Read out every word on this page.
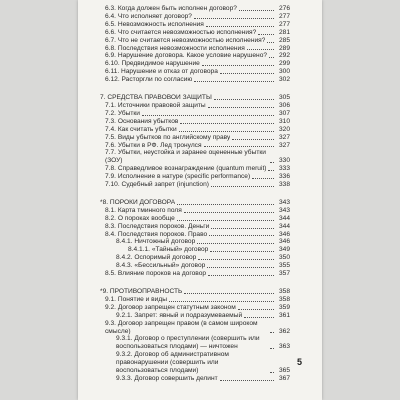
6.3. Когда должен быть исполнен договор?	276
6.4. Что исполняет договор?	277
6.5. Невозможность исполнения	277
6.6. Что считается невозможностью исполнения?	281
6.7. Что не считается невозможностью исполнения?	285
6.8. Последствия невозможности исполнения	289
6.9. Нарушение договора. Какое условие нарушено?	292
6.10. Предвидимое нарушение	299
6.11. Нарушение и отказ от договора	300
6.12. Расторгли по согласию	302
7. СРЕДСТВА ПРАВОВОЙ ЗАЩИТЫ	305
7.1. Источники правовой защиты	306
7.2. Убытки	307
7.3. Основания убытков	310
7.4. Как считать убытки	320
7.5. Виды убытков по английскому праву	327
7.6. Убытки в РФ. Лед тронулся	327
7.7. Убытки, неустойка и заранее оцененные убытки (ЗОУ)	330
7.8. Справедливое вознаграждение (quantum meruit)	333
7.9. Исполнение в натуре (specific performance)	336
7.10. Судебный запрет (injunction)	338
*8. ПОРОКИ ДОГОВОРА	343
8.1. Карта тминного поля	343
8.2. О пороках вообще	344
8.3. Последствия пороков. Деньги	344
8.4. Последствия пороков. Право	346
8.4.1. Ничтожный договор	346
8.4.1.1. «Тайный» договор	349
8.4.2. Оспоримый договор	350
8.4.3. «Бессильный» договор	355
8.5. Влияние пороков на договор	357
*9. ПРОТИВОПРАВНОСТЬ	358
9.1. Понятие и виды	358
9.2. Договор запрещен статутным законом	359
9.2.1. Запрет: явный и подразумеваемый	361
9.3. Договор запрещен правом (в самом широком смысле)	362
9.3.1. Договор о преступлении (совершить или воспользоваться плодами) — ничтожен	363
9.3.2. Договор об административном правонарушении (совершить или воспользоваться плодами)	365
9.3.3. Договор совершить делинт	367
5
